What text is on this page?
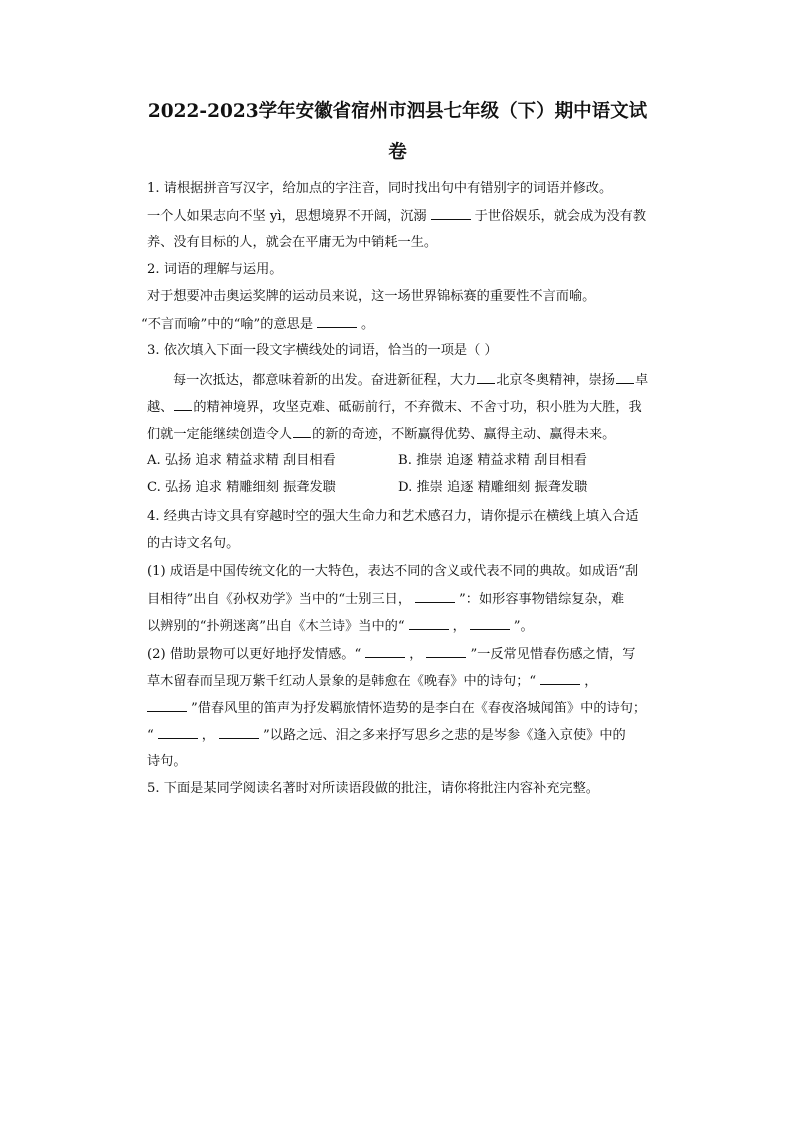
2022-2023学年安徽省宿州市泗县七年级（下）期中语文试
卷
1. 请根据拼音写汉字，给加点的字注音，同时找出句中有错别字的词语并修改。
一个人如果志向不坚 yì，思想境界不开阔，沉溺	于世俗娱乐，就会成为没有教
养、没有目标的人，就会在平庸无为中销耗一生。
2. 词语的理解与运用。
对于想要冲击奥运奖牌的运动员来说，这一场世界锦标赛的重要性不言而喻。
“不言而喻”中的“喻”的意思是	。
3. 依次填入下面一段文字横线处的词语，恰当的一项是（ ）
每一次抵达，都意味着新的出发。奋进新征程，大力 北京冬奥精神，崇扬 卓
越、 的精神境界，攻坚克难、砥砺前行，不弃微末、不舍寸功，积小胜为大胜，我
们就一定能继续创造令人 的新的奇迹，不断赢得优势、赢得主动、赢得未来。
A. 弘扬 追求 精益求精 刮目相看	B. 推崇 追逐 精益求精 刮目相看
C. 弘扬 追求 精雕细刻 振聋发聩	D. 推崇 追逐 精雕细刻 振聋发聩
4. 经典古诗文具有穿越时空的强大生命力和艺术感召力，请你提示在横线上填入合适
的古诗文名句。
(1) 成语是中国传统文化的一大特色，表达不同的含义或代表不同的典故。如成语“刮
目相待”出自《孙权劝学》当中的“士别三日，	”：如形容事物错综复杂，难
以辨别的“扑朔迷离”出自《木兰诗》当中的“	，	”。
(2) 借助景物可以更好地抒发情感。“	，	”一反常见惜春伤感之情，写
草木留春而呈现万紫千红动人景象的是韩愈在《晚春》中的诗句；“	，
”借春风里的笛声为抒发羁旅情怀造势的是李白在《春夜洛城闻笛》中的诗句；
“	，	”以路之远、泪之多来抒写思乡之悲的是岑参《逢入京使》中的
诗句。
5. 下面是某同学阅读名著时对所读语段做的批注，请你将批注内容补充完整。
